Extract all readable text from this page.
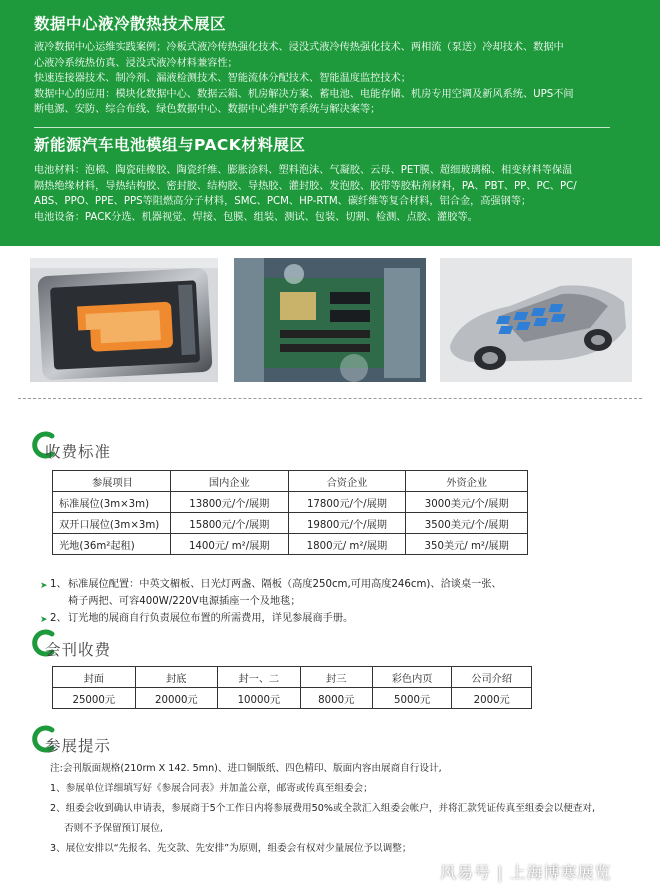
数据中心液冷散热技术展区

液冷数据中心运维实践案例；冷板式液冷传热强化技术、浸没式液冷传热强化技术、两相流（泵送）冷却技术、数据中

心液冷系统热仿真、浸没式液冷材料兼容性；

快速连接器技术、制冷剂、漏液检测技术、智能流体分配技术、智能温度监控技术；

数据中心的应用：模块化数据中心、数据云箱、机房解决方案、蓄电池、电能存储、机房专用空调及新风系统、UPS不间

断电源、安防、综合布线、绿色数据中心、数据中心维护等系统与解决案等；

新能源汽车电池模组与PACK材料展区

电池材料：泡棉、陶瓷硅橡胶、陶瓷纤维、膨胀涂料、塑料泡沫、气凝胶、云母、PET膜、超细玻璃棉、相变材料等保温

隔热绝缘材料，导热结构胶、密封胶、结构胶、导热胶、灌封胶、发泡胶、胶带等胶粘剂材料，PA、PBT、PP、PC、PC/

ABS、PPO、PPE、PPS等阻燃高分子材料，SMC、PCM、HP-RTM、碳纤维等复合材料，铝合金，高强钢等；

电池设备：PACK分选、机器视觉、焊接、包膜、组装、测试、包装、切割、检测、点胶、灌胶等。

收费标准
参展项目	国内企业	合资企业	外资企业
标准展位(3m×3m)	13800元/个/展期	17800元/个/展期	3000美元/个/展期
双开口展位(3m×3m)	15800元/个/展期	19800元/个/展期	3500美元/个/展期
光地(36m²起租)	1400元/ m²/展期	1800元/ m²/展期	350美元/ m²/展期
➤ 1、 标准展位配置：中英文楣板、日光灯两盏、隔板（高度250cm,可用高度246cm)、洽谈桌一张、
椅子两把、可容400W/220V电源插座一个及地毯；
➤ 2、 订光地的展商自行负责展位布置的所需费用，详见参展商手册。
会刊收费
封面	封底	封一、二	封三	彩色内页	公司介绍
25000元	20000元	10000元	8000元	5000元	2000元
参展提示
注:会刊版面规格(210rm X 142. 5mn)、进口铜版纸、四色精印、版面内容由展商自行设计,
1、参展单位详细填写好《参展合同表》并加盖公章，邮寄或传真至组委会；
2、组委会收到确认申请表，参展商于5个工作日内将参展费用50%或全款汇入组委会帐户，并将汇款凭证传真至组委会以便查对,
否则不予保留预订展位,
3、展位安排以“先报名、先交款、先安排”为原则，组委会有权对少量展位予以调整；
风易号 | 上海博寒展览
